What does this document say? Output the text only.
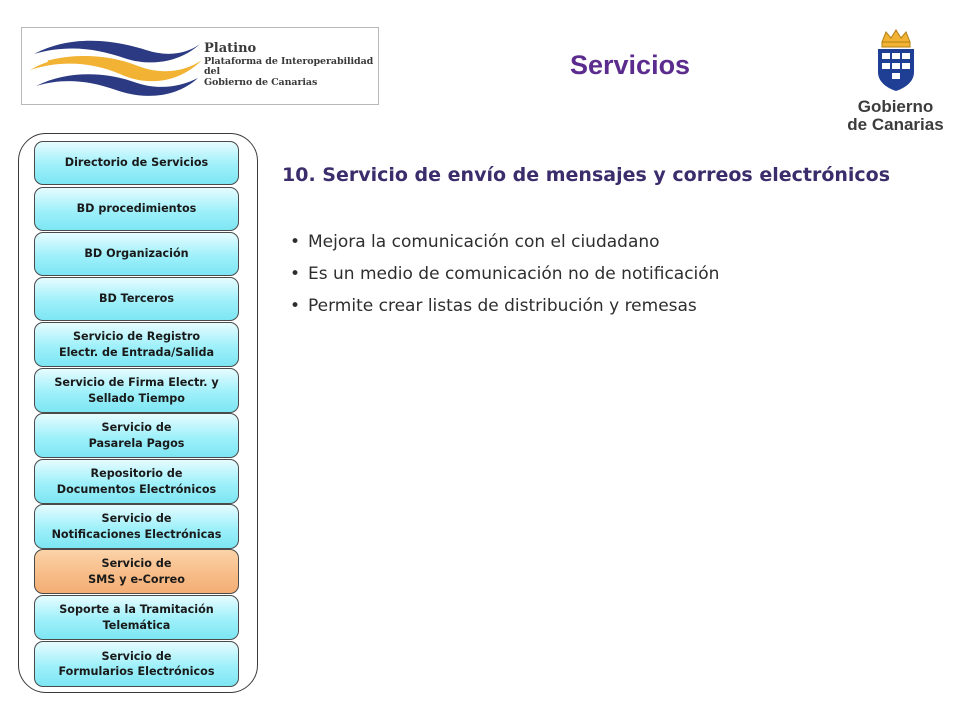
Platino
Plataforma de Interoperabilidad del
Gobierno de Canarias
Servicios
Gobierno
de Canarias
Directorio de Servicios
BD procedimientos
BD Organización
BD Terceros
Servicio de Registro
Electr. de Entrada/Salida
Servicio de Firma Electr. y
Sellado Tiempo
Servicio de
Pasarela Pagos
Repositorio de
Documentos Electrónicos
Servicio de
Notificaciones Electrónicas
Servicio de
SMS y e-Correo
Soporte a la Tramitación
Telemática
Servicio de
Formularios Electrónicos
10. Servicio de envío de mensajes y correos electrónicos
• Mejora la comunicación con el ciudadano
• Es un medio de comunicación no de notificación
• Permite crear listas de distribución y remesas
